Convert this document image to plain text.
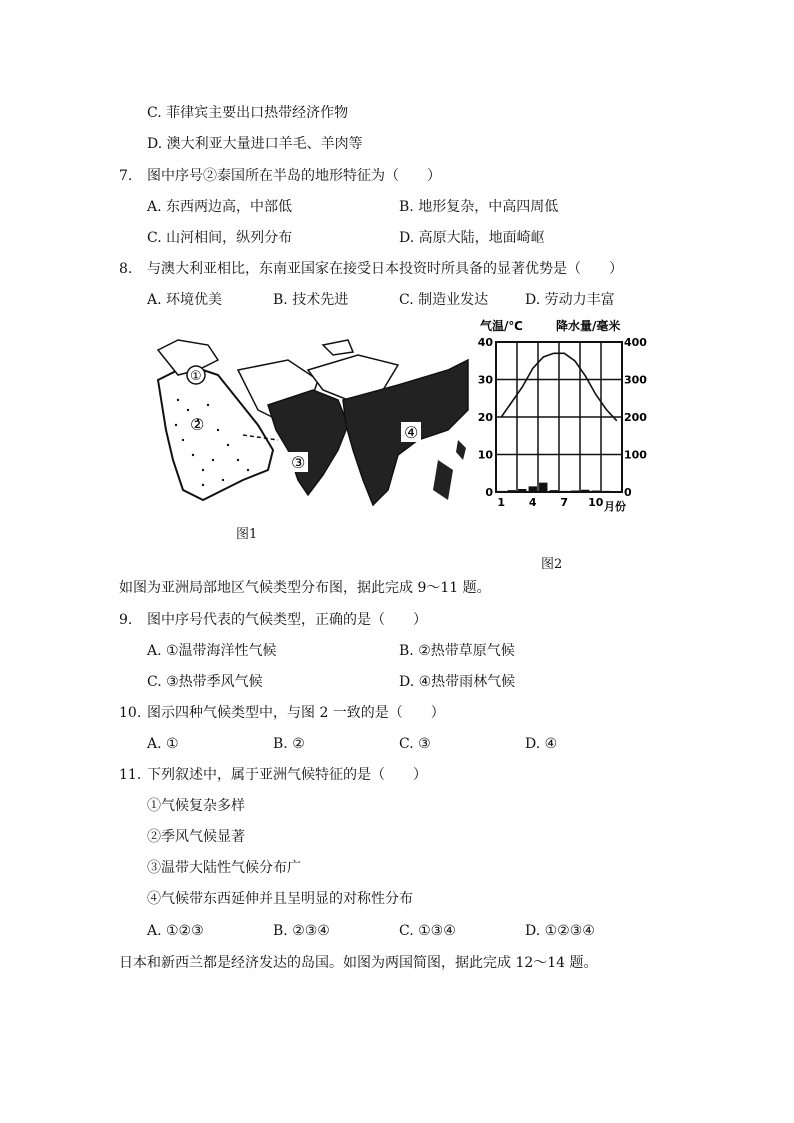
C. 菲律宾主要出口热带经济作物
D. 澳大利亚大量进口羊毛、羊肉等
7. 图中序号②泰国所在半岛的地形特征为（　　）
A. 东西两边高，中部低	B. 地形复杂，中高四周低
C. 山河相间，纵列分布	D. 高原大陆，地面崎岖
8. 与澳大利亚相比，东南亚国家在接受日本投资时所具备的显著优势是（　　）
A. 环境优美	B. 技术先进	C. 制造业发达	D. 劳动力丰富
①
②
③
④
气温/℃	降水量/毫米
0
10
20
30
40
0
100
200
300
400
1 4 7 10 月份
图1
图2
如图为亚洲局部地区气候类型分布图，据此完成 9～11 题。
9. 图中序号代表的气候类型，正确的是（　　）
A. ①温带海洋性气候	B. ②热带草原气候
C. ③热带季风气候	D. ④热带雨林气候
10. 图示四种气候类型中，与图 2 一致的是（　　）
A. ①	B. ②	C. ③	D. ④
11. 下列叙述中，属于亚洲气候特征的是（　　）
①气候复杂多样
②季风气候显著
③温带大陆性气候分布广
④气候带东西延伸并且呈明显的对称性分布
A. ①②③	B. ②③④	C. ①③④	D. ①②③④
日本和新西兰都是经济发达的岛国。如图为两国简图，据此完成 12～14 题。
